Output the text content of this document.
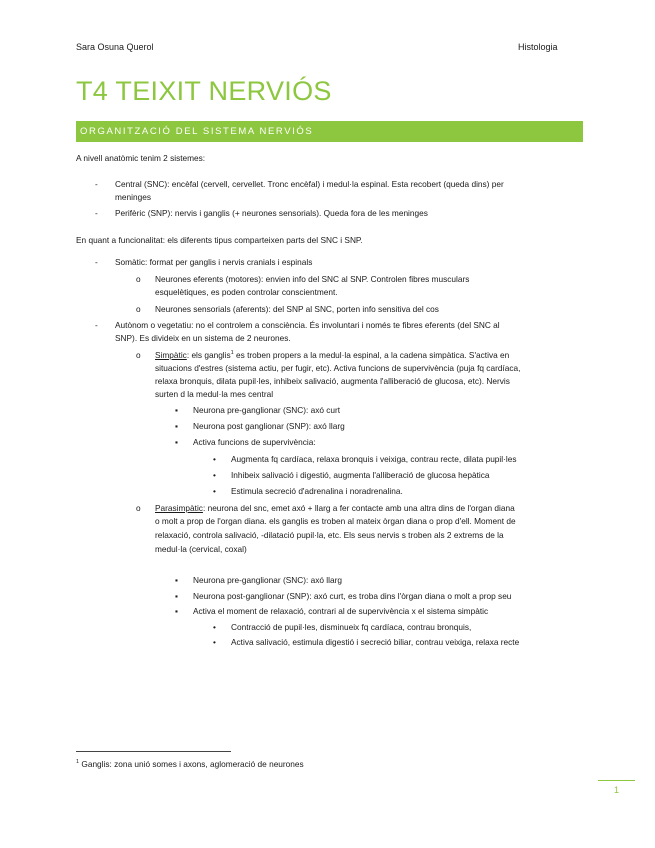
Sara Osuna Querol	Histologia
T4 TEIXIT NERVIÓS
ORGANITZACIÓ DEL SISTEMA NERVIÓS
A nivell anatòmic tenim 2 sistemes:
- Central (SNC): encèfal (cervell, cervellet. Tronc encèfal) i medul·la espinal. Esta recobert (queda dins) per
meninges
- Perifèric (SNP): nervis i ganglis (+ neurones sensorials). Queda fora de les meninges
En quant a funcionalitat: els diferents tipus comparteixen parts del SNC i SNP.
- Somàtic: format per ganglis i nervis cranials i espinals
o Neurones eferents (motores): envien info del SNC al SNP. Controlen fibres musculars
esquelètiques, es poden controlar conscientment.
o Neurones sensorials (aferents): del SNP al SNC, porten info sensitiva del cos
- Autònom o vegetatiu: no el controlem a consciència. És involuntari i només te fibres eferents (del SNC al
SNP). Es divideix en un sistema de 2 neurones.
o Simpàtic: els ganglis$^1$ es troben propers a la medul·la espinal, a la cadena simpàtica. S'activa en
situacions d'estres (sistema actiu, per fugir, etc). Activa funcions de supervivència (puja fq cardíaca,
relaxa bronquis, dilata pupil·les, inhibeix salivació, augmenta l'alliberació de glucosa, etc). Nervis
surten d la medul·la mes central
▪ Neurona pre-ganglionar (SNC): axó curt
▪ Neurona post ganglionar (SNP): axó llarg
▪ Activa funcions de supervivència:
• Augmenta fq cardíaca, relaxa bronquis i veixiga, contrau recte, dilata pupil·les
• Inhibeix salivació i digestió, augmenta l'alliberació de glucosa hepàtica
• Estimula secreció d'adrenalina i noradrenalina.
o Parasimpàtic: neurona del snc, emet axó + llarg a fer contacte amb una altra dins de l'organ diana
o molt a prop de l'organ diana. els ganglis es troben al mateix òrgan diana o prop d'ell. Moment de
relaxació, controla salivació, -dilatació pupil·la, etc. Els seus nervis s troben als 2 extrems de la
medul·la (cervical, coxal)
▪ Neurona pre-ganglionar (SNC): axó llarg
▪ Neurona post-ganglionar (SNP): axó curt, es troba dins l'òrgan diana o molt a prop seu
▪ Activa el moment de relaxació, contrari al de supervivència x el sistema simpàtic
• Contracció de pupil·les, disminueix fq cardíaca, contrau bronquis,
• Activa salivació, estimula digestió i secreció biliar, contrau veixiga, relaxa recte
$^1$ Ganglis: zona unió somes i axons, aglomeració de neurones
1
